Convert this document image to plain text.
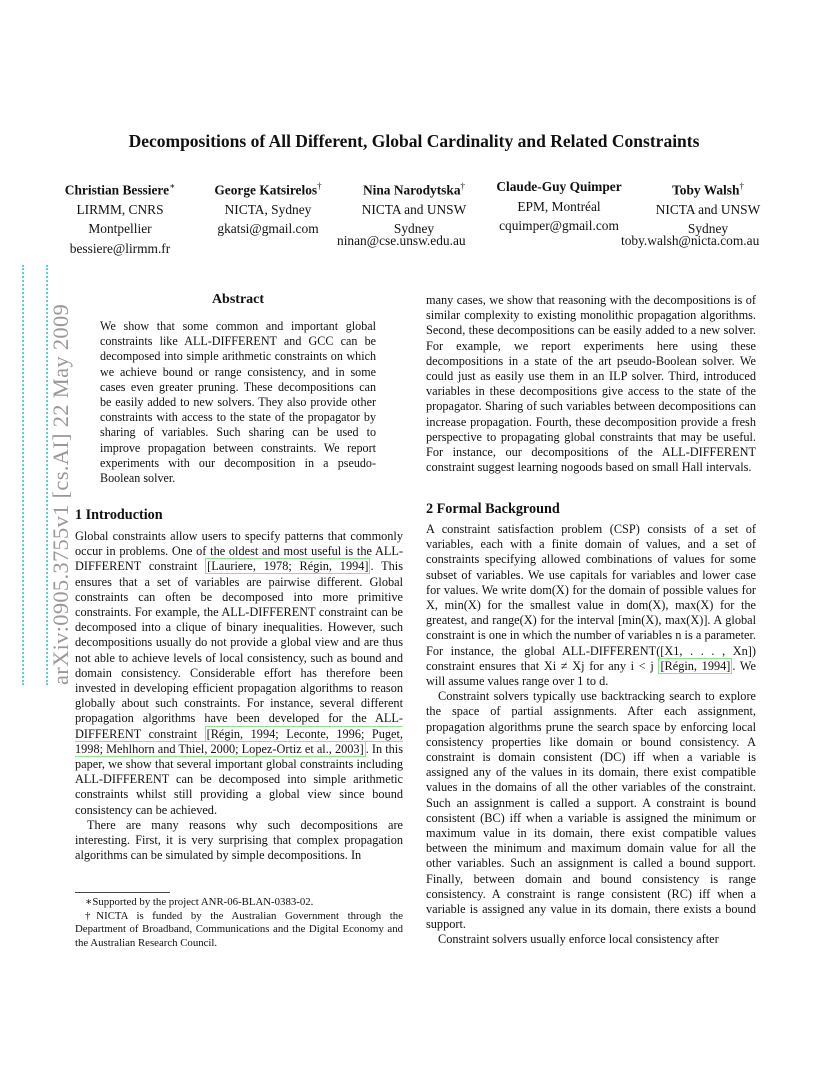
Decompositions of All Different, Global Cardinality and Related Constraints
Christian Bessiere∗
LIRMM, CNRS
Montpellier
bessiere@lirmm.fr
George Katsirelos†
NICTA, Sydney
gkatsi@gmail.com
Nina Narodytska†
NICTA and UNSW
Sydney
Claude-Guy Quimper
EPM, Montréal
cquimper@gmail.com
Toby Walsh†
NICTA and UNSW
Sydney
ninan@cse.unsw.edu.au	toby.walsh@nicta.com.au
arXiv:0905.3755v1 [cs.AI] 22 May 2009
Abstract

We show that some common and important global constraints like ALL-DIFFERENT and GCC can be decomposed into simple arithmetic constraints on which we achieve bound or range consistency, and in some cases even greater pruning. These decompositions can be easily added to new solvers. They also provide other constraints with access to the state of the propagator by sharing of variables. Such sharing can be used to improve propagation between constraints. We report experiments with our decomposition in a pseudo-Boolean solver.

1 Introduction

Global constraints allow users to specify patterns that commonly occur in problems. One of the oldest and most useful is the ALL-DIFFERENT constraint [Lauriere, 1978; Régin, 1994] . This ensures that a set of variables are pairwise different. Global constraints can often be decomposed into more primitive constraints. For example, the ALL-DIFFERENT constraint can be decomposed into a clique of binary inequalities. However, such decompositions usually do not provide a global view and are thus not able to achieve levels of local consistency, such as bound and domain consistency. Considerable effort has therefore been invested in developing efficient propagation algorithms to reason globally about such constraints. For instance, several different propagation algorithms have been developed for the ALL-DIFFERENT constraint [Régin, 1994; Leconte, 1996; Puget, 1998; Mehlhorn and Thiel, 2000; Lopez-Ortiz et al., 2003] . In this paper, we show that several important global constraints including ALL-DIFFERENT can be decomposed into simple arithmetic constraints whilst still providing a global view since bound consistency can be achieved.

There are many reasons why such decompositions are interesting. First, it is very surprising that complex propagation algorithms can be simulated by simple decompositions. In

∗Supported by the project ANR-06-BLAN-0383-02.

†NICTA is funded by the Australian Government through the Department of Broadband, Communications and the Digital Economy and the Australian Research Council.

many cases, we show that reasoning with the decompositions is of similar complexity to existing monolithic propagation algorithms. Second, these decompositions can be easily added to a new solver. For example, we report experiments here using these decompositions in a state of the art pseudo-Boolean solver. We could just as easily use them in an ILP solver. Third, introduced variables in these decompositions give access to the state of the propagator. Sharing of such variables between decompositions can increase propagation. Fourth, these decomposition provide a fresh perspective to propagating global constraints that may be useful. For instance, our decompositions of the ALL-DIFFERENT constraint suggest learning nogoods based on small Hall intervals.

2 Formal Background

A constraint satisfaction problem (CSP) consists of a set of variables, each with a finite domain of values, and a set of constraints specifying allowed combinations of values for some subset of variables. We use capitals for variables and lower case for values. We write dom(X) for the domain of possible values for X, min(X) for the smallest value in dom(X), max(X) for the greatest, and range(X) for the interval [min(X), max(X)]. A global constraint is one in which the number of variables n is a parameter. For instance, the global ALL-DIFFERENT([X1, . . . , Xn]) constraint ensures that Xi ≠ Xj for any i < j [Régin, 1994] . We will assume values range over 1 to d.

Constraint solvers typically use backtracking search to explore the space of partial assignments. After each assignment, propagation algorithms prune the search space by enforcing local consistency properties like domain or bound consistency. A constraint is domain consistent (DC) iff when a variable is assigned any of the values in its domain, there exist compatible values in the domains of all the other variables of the constraint. Such an assignment is called a support. A constraint is bound consistent (BC) iff when a variable is assigned the minimum or maximum value in its domain, there exist compatible values between the minimum and maximum domain value for all the other variables. Such an assignment is called a bound support. Finally, between domain and bound consistency is range consistency. A constraint is range consistent (RC) iff when a variable is assigned any value in its domain, there exists a bound support.

Constraint solvers usually enforce local consistency after
